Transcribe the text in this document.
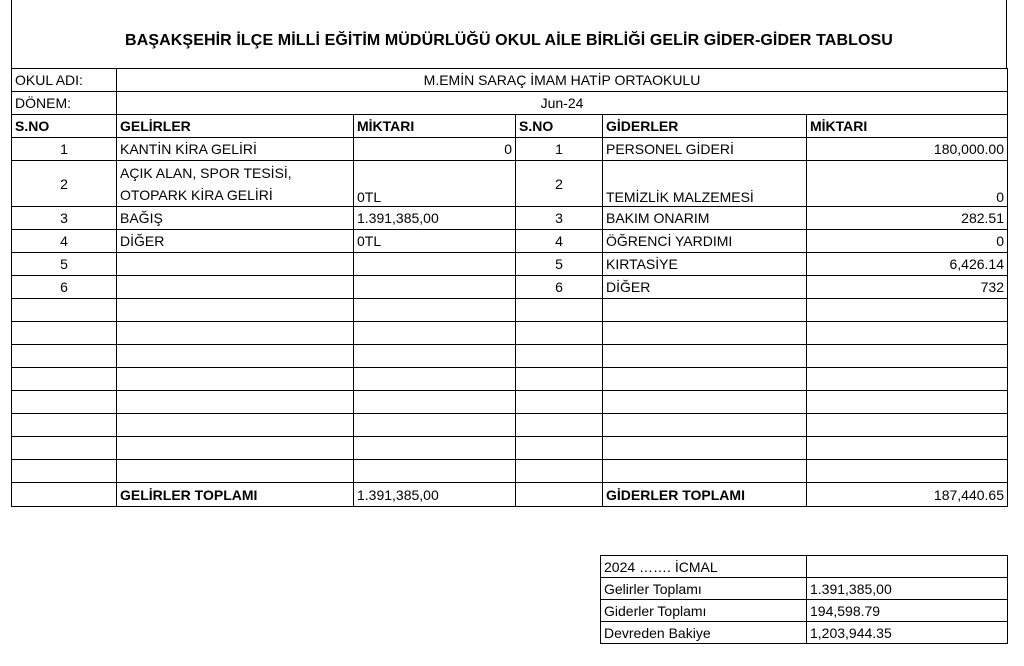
BAŞAKŞEHİR İLÇE MİLLİ EĞİTİM MÜDÜRLÜĞÜ OKUL AİLE BİRLİĞİ GELİR GİDER-GİDER TABLOSU
OKUL ADI:	M.EMİN SARAÇ İMAM HATİP ORTAOKULU				
DÖNEM:	Jun-24				
S.NO	GELİRLER	MİKTARI	S.NO	GİDERLER	MİKTARI
1	KANTİN KİRA GELİRİ	0	1	PERSONEL GİDERİ	180,000.00
2	AÇIK ALAN, SPOR TESİSİ,
OTOPARK KİRA GELİRİ	0TL	2	TEMİZLİK MALZEMESİ	0
3	BAĞIŞ	1.391,385,00	3	BAKIM ONARIM	282.51
4	DİĞER	0TL	4	ÖĞRENCİ YARDIMI	0
5			5	KIRTASİYE	6,426.14
6			6	DİĞER	732

	GELİRLER TOPLAMI	1.391,385,00		GİDERLER TOPLAMI	187,440.65
2024 ……. İCMAL	
Gelirler Toplamı	1.391,385,00
Giderler Toplamı	194,598.79
Devreden Bakiye	1,203,944.35
